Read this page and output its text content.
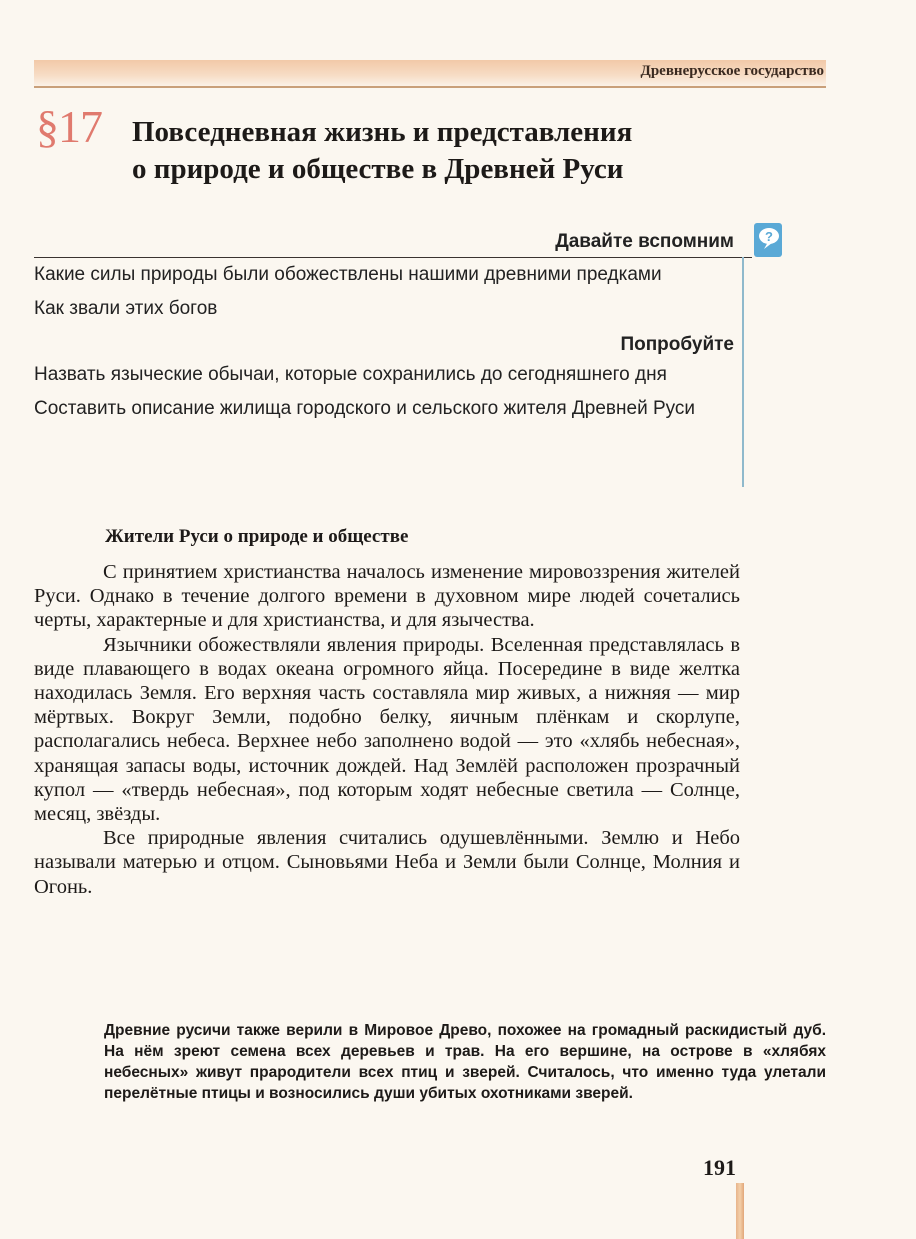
Древнерусское государство
§17 Повседневная жизнь и представления
о природе и обществе в Древней Руси
?
Давайте вспомним
Какие силы природы были обожествлены нашими древними предками
Как звали этих богов
Попробуйте
Назвать языческие обычаи, которые сохранились до сегодняшнего дня
Составить описание жилища городского и сельского жителя Древней Руси
Жители Руси о природе и обществе

С принятием христианства началось изменение мировоззрения жителей Руси. Однако в течение долгого времени в духовном мире людей сочетались черты, характерные и для христианства, и для язычества.

Язычники обожествляли явления природы. Вселенная представлялась в виде плавающего в водах океана огромного яйца. Посередине в виде желтка находилась Земля. Его верхняя часть составляла мир живых, а нижняя — мир мёртвых. Вокруг Земли, подобно белку, яичным плёнкам и скорлупе, располагались небеса. Верхнее небо заполнено водой — это «хлябь небесная», хранящая запасы воды, источник дождей. Над Землёй расположен прозрачный купол — «твердь небесная», под которым ходят небесные светила — Солнце, месяц, звёзды.

Все природные явления считались одушевлёнными. Землю и Небо называли матерью и отцом. Сыновьями Неба и Земли были Солнце, Молния и Огонь.

Древние русичи также верили в Мировое Древо, похожее на громадный раскидистый дуб. На нём зреют семена всех деревьев и трав. На его вершине, на острове в «хлябях небесных» живут прародители всех птиц и зверей. Считалось, что именно туда улетали перелётные птицы и возносились души убитых охотниками зверей.
191
